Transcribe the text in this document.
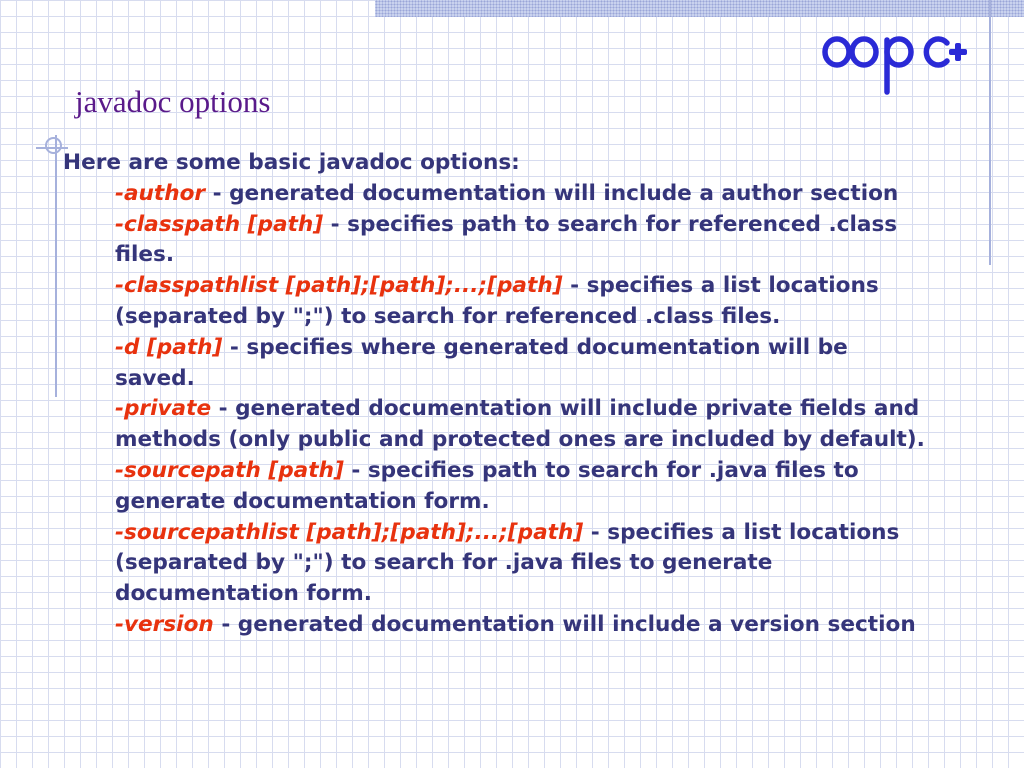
javadoc options

Here are some basic javadoc options:

-author - generated documentation will include a author section

-classpath [path] - specifies path to search for referenced .class files.

-classpathlist [path];[path];...;[path] - specifies a list locations (separated by ";") to search for referenced .class files.

-d [path] - specifies where generated documentation will be saved.

-private - generated documentation will include private fields and methods (only public and protected ones are included by default).

-sourcepath [path] - specifies path to search for .java files to generate documentation form.

-sourcepathlist [path];[path];...;[path] - specifies a list locations (separated by ";") to search for .java files to generate documentation form.

-version - generated documentation will include a version section
